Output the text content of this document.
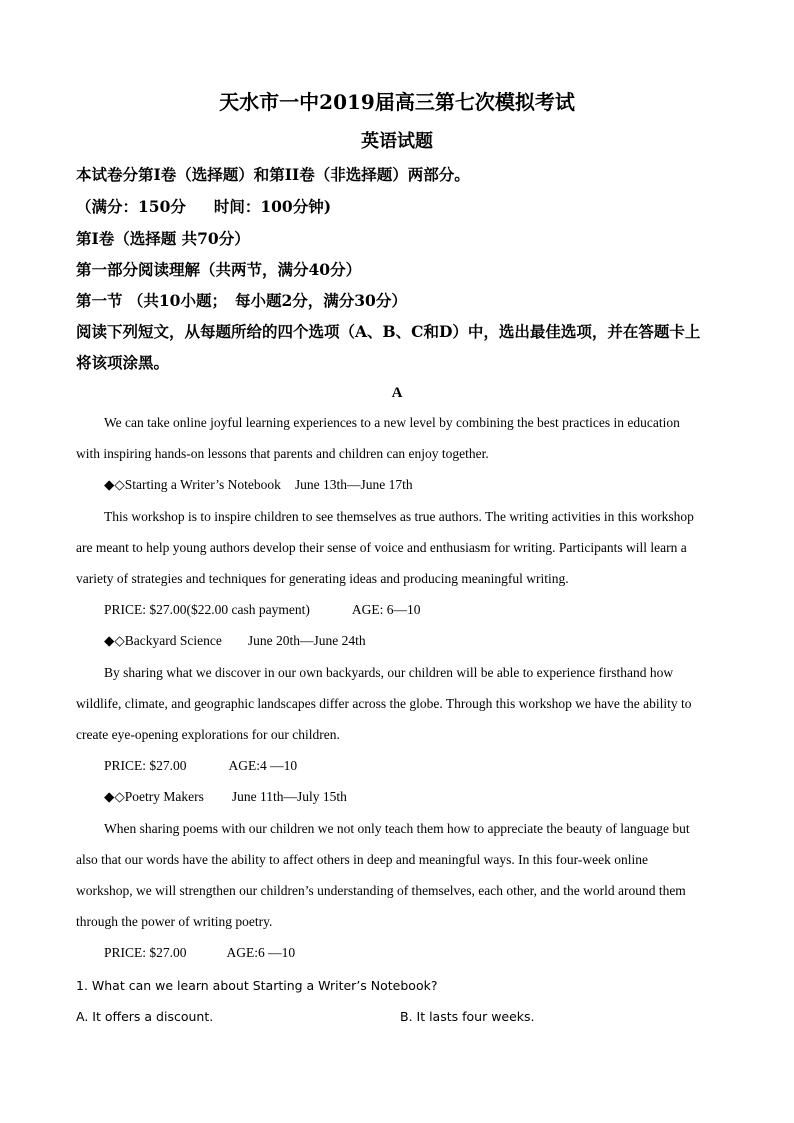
天水市一中2019届高三第七次模拟考试
英语试题
本试卷分第I卷（选择题）和第II卷（非选择题）两部分。
（满分：150分 时间：100分钟)
第I卷（选择题 共70分）
第一部分阅读理解（共两节，满分40分）
第一节 （共10小题； 每小题2分，满分30分）
阅读下列短文，从每题所给的四个选项（A、B、C和D）中，选出最佳选项，并在答题卡上
将该项涂黑。
A
We can take online joyful learning experiences to a new level by combining the best practices in education
with inspiring hands-on lessons that parents and children can enjoy together.
◆◇Starting a Writer’s Notebook June 13th—June 17th
This workshop is to inspire children to see themselves as true authors. The writing activities in this workshop
are meant to help young authors develop their sense of voice and enthusiasm for writing. Participants will learn a
variety of strategies and techniques for generating ideas and producing meaningful writing.
PRICE: $27.00($22.00 cash payment)	AGE: 6—10
◆◇Backyard Science June 20th—June 24th
By sharing what we discover in our own backyards, our children will be able to experience firsthand how
wildlife, climate, and geographic landscapes differ across the globe. Through this workshop we have the ability to
create eye-opening explorations for our children.
PRICE: $27.00	AGE:4 —10
◆◇Poetry Makers June 11th—July 15th
When sharing poems with our children we not only teach them how to appreciate the beauty of language but
also that our words have the ability to affect others in deep and meaningful ways. In this four-week online
workshop, we will strengthen our children’s understanding of themselves, each other, and the world around them
through the power of writing poetry.
PRICE: $27.00	AGE:6 —10
1. What can we learn about Starting a Writer’s Notebook?
A. It offers a discount.	B. It lasts four weeks.
